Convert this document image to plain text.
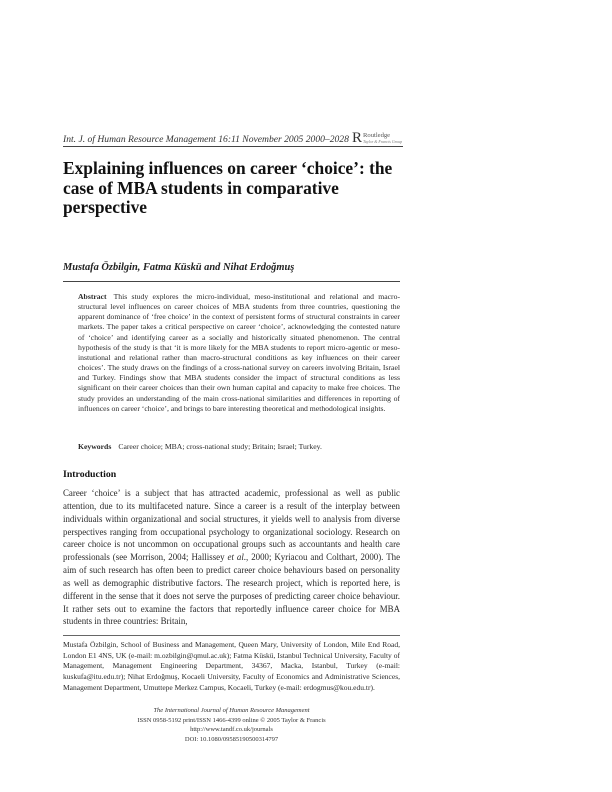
Int. J. of Human Resource Management 16:11 November 2005 2000–2028 R Routledge
Taylor & Francis Group
Explaining influences on career ‘choice’: the case of MBA students in comparative perspective
Mustafa Özbilgin, Fatma Küskü and Nihat Erdoğmuş
Abstract This study explores the micro-individual, meso-institutional and relational and macro-structural level influences on career choices of MBA students from three countries, questioning the apparent dominance of ‘free choice’ in the context of persistent forms of structural constraints in career markets. The paper takes a critical perspective on career ‘choice’, acknowledging the contested nature of ‘choice’ and identifying career as a socially and historically situated phenomenon. The central hypothesis of the study is that ‘it is more likely for the MBA students to report micro-agentic or meso-instutional and relational rather than macro-structural conditions as key influences on their career choices’. The study draws on the findings of a cross-national survey on careers involving Britain, Israel and Turkey. Findings show that MBA students consider the impact of structural conditions as less significant on their career choices than their own human capital and capacity to make free choices. The study provides an understanding of the main cross-national similarities and differences in reporting of influences on career ‘choice’, and brings to bare interesting theoretical and methodological insights.
Keywords Career choice; MBA; cross-national study; Britain; Israel; Turkey.
Introduction
Career ‘choice’ is a subject that has attracted academic, professional as well as public attention, due to its multifaceted nature. Since a career is a result of the interplay between individuals within organizational and social structures, it yields well to analysis from diverse perspectives ranging from occupational psychology to organizational sociology. Research on career choice is not uncommon on occupational groups such as accountants and health care professionals (see Morrison, 2004; Hallissey et al., 2000; Kyriacou and Colthart, 2000). The aim of such research has often been to predict career choice behaviours based on personality as well as demographic distributive factors. The research project, which is reported here, is different in the sense that it does not serve the purposes of predicting career choice behaviour. It rather sets out to examine the factors that reportedly influence career choice for MBA students in three countries: Britain,
Mustafa Özbilgin, School of Business and Management, Queen Mary, University of London, Mile End Road, London E1 4NS, UK (e-mail: m.ozbilgin@qmul.ac.uk); Fatma Küskü, Istanbul Technical University, Faculty of Management, Management Engineering Department, 34367, Macka, Istanbul, Turkey (e-mail: kuskufa@itu.edu.tr); Nihat Erdoğmuş, Kocaeli University, Faculty of Economics and Administrative Sciences, Management Department, Umuttepe Merkez Campus, Kocaeli, Turkey (e-mail: erdogmus@kou.edu.tr).
The International Journal of Human Resource Management
ISSN 0958-5192 print/ISSN 1466-4399 online © 2005 Taylor & Francis
http://www.tandf.co.uk/journals
DOI: 10.1080/09585190500314797
